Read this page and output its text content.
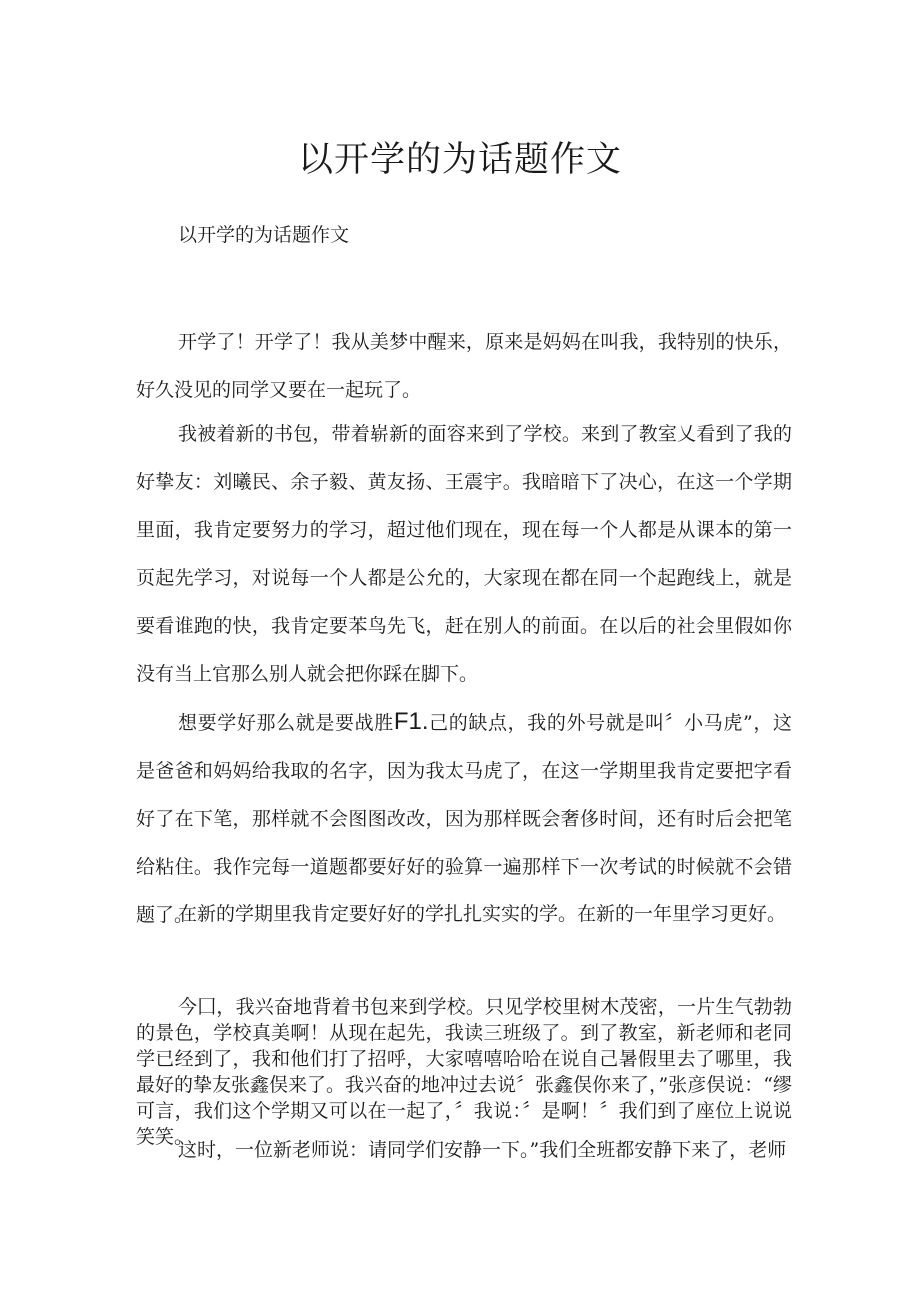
以开学的为话题作文

以开学的为话题作文

开学了！开学了！我从美梦中醒来，原来是妈妈在叫我，我特别的快乐，好久没见的同学又要在一起玩了。

我被着新的书包，带着崭新的面容来到了学校。来到了教室乂看到了我的好挚友：刘曦民、余子毅、黄友扬、王震宇。我暗暗下了决心，在这一个学期里面，我肯定要努力的学习，超过他们现在，现在每一个人都是从课本的第一页起先学习，对说每一个人都是公允的，大家现在都在同一个起跑线上，就是要看谁跑的快，我肯定要苯鸟先飞，赶在别人的前面。在以后的社会里假如你没有当上官那么别人就会把你踩在脚下。

想要学好那么就是要战胜F1.己的缺点，我的外号就是叫〞小马虎”，这是爸爸和妈妈给我取的名字，因为我太马虎了，在这一学期里我肯定要把字看好了在下笔，那样就不会图图改改，因为那样既会奢侈时间，还有时后会把笔给粘住。我作完每一道题都要好好的验算一遍那样下一次考试的时候就不会错题了。

在新的学期里我肯定要好好的学扎扎实实的学。在新的一年里学习更好。

今囗，我兴奋地背着书包来到学校。只见学校里树木茂密，一片生气勃勃的景色，学校真美啊！从现在起先，我读三班级了。到了教室，新老师和老同学已经到了，我和他们打了招呼，大家嘻嘻哈哈在说自己暑假里去了哪里，我最好的挚友张鑫俣来了。我兴奋的地冲过去说〞张鑫俣你来了，”张彦俣说：“缪可言，我们这个学期又可以在一起了，〞我说：〞是啊！〞我们到了座位上说说笑笑。

这时，一位新老师说：请同学们安静一下。”我们全班都安静下来了，老师
